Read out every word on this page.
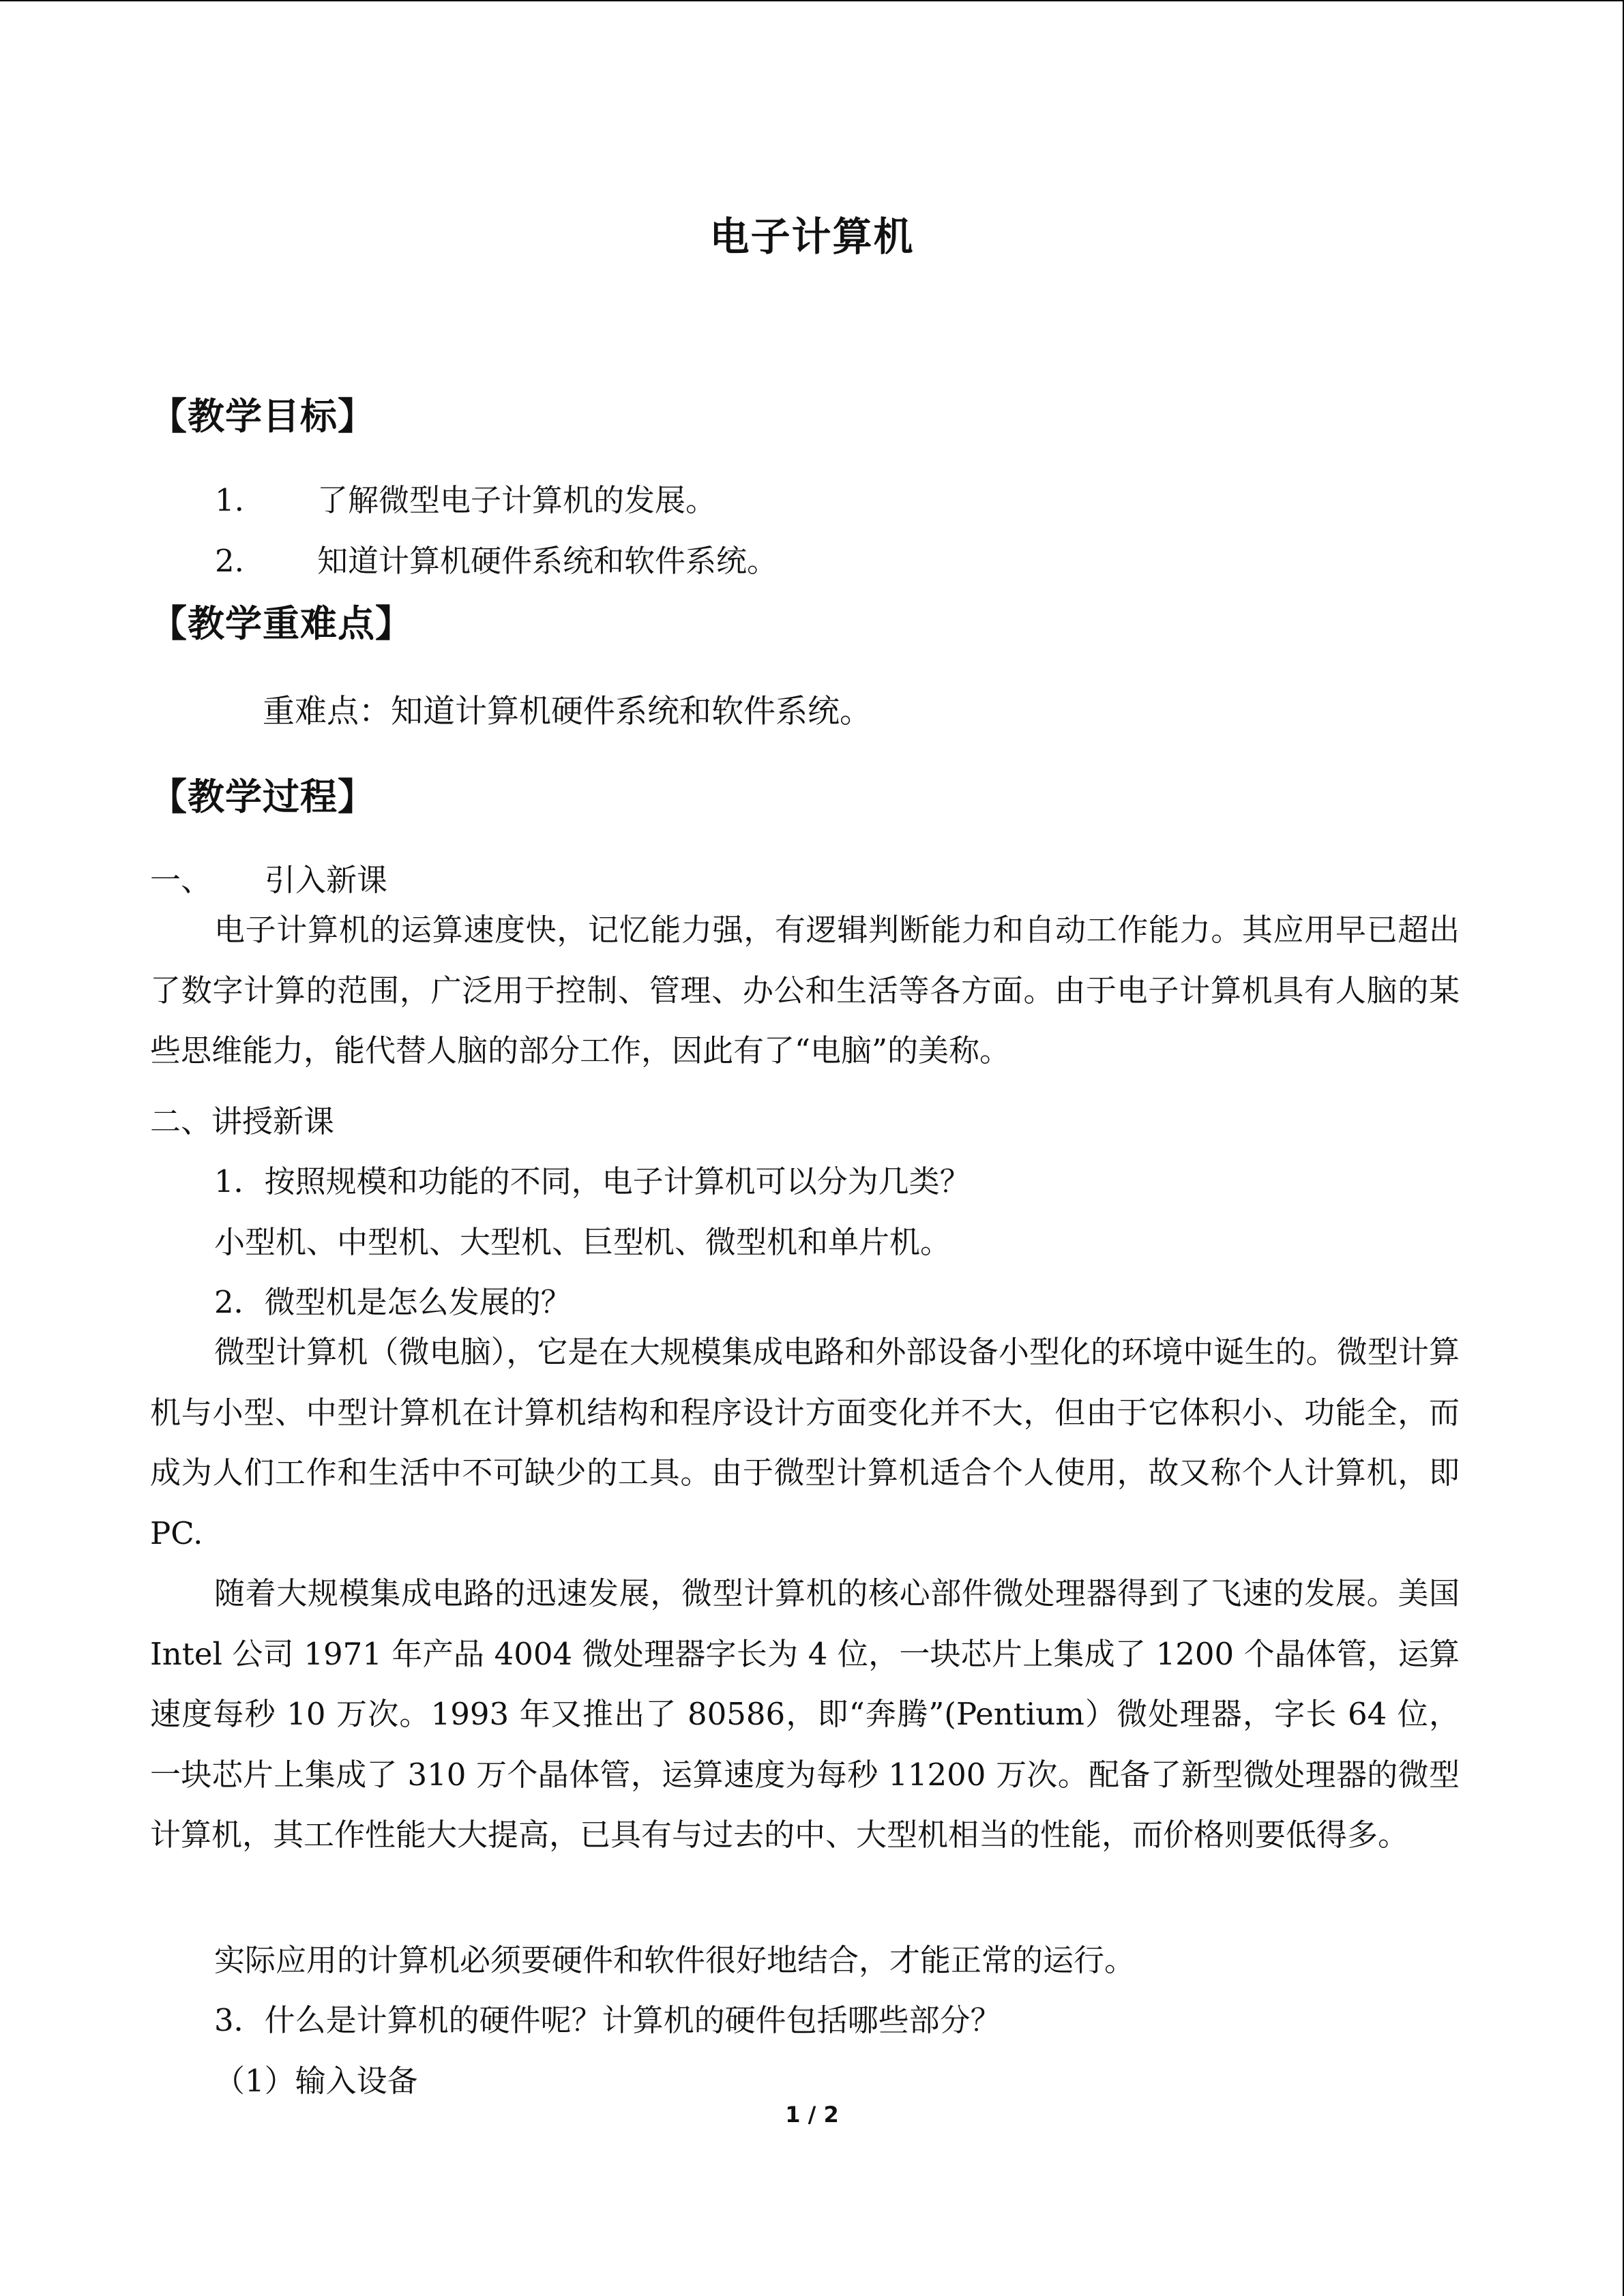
电子计算机
【教学目标】
1. 了解微型电子计算机的发展。
2. 知道计算机硬件系统和软件系统。
【教学重难点】
重难点：知道计算机硬件系统和软件系统。
【教学过程】
一、 引入新课
电子计算机的运算速度快，记忆能力强，有逻辑判断能力和自动工作能力。其应用早已超出了数字计算的范围，广泛用于控制、管理、办公和生活等各方面。由于电子计算机具有人脑的某些思维能力，能代替人脑的部分工作，因此有了“电脑”的美称。
二、讲授新课
1．按照规模和功能的不同，电子计算机可以分为几类？
小型机、中型机、大型机、巨型机、微型机和单片机。
2．微型机是怎么发展的？
微型计算机（微电脑），它是在大规模集成电路和外部设备小型化的环境中诞生的。微型计算机与小型、中型计算机在计算机结构和程序设计方面变化并不大，但由于它体积小、功能全，而成为人们工作和生活中不可缺少的工具。由于微型计算机适合个人使用，故又称个人计算机，即 PC.
随着大规模集成电路的迅速发展，微型计算机的核心部件微处理器得到了飞速的发展。美国 Intel 公司 1971 年产品 4004 微处理器字长为 4 位，一块芯片上集成了 1200 个晶体管，运算速度每秒 10 万次。1993 年又推出了 80586，即“奔腾”(Pentium）微处理器，字长 64 位，一块芯片上集成了 310 万个晶体管，运算速度为每秒 11200 万次。配备了新型微处理器的微型计算机，其工作性能大大提高，已具有与过去的中、大型机相当的性能，而价格则要低得多。
实际应用的计算机必须要硬件和软件很好地结合，才能正常的运行。
3．什么是计算机的硬件呢？计算机的硬件包括哪些部分？
（1）输入设备
1 / 2
